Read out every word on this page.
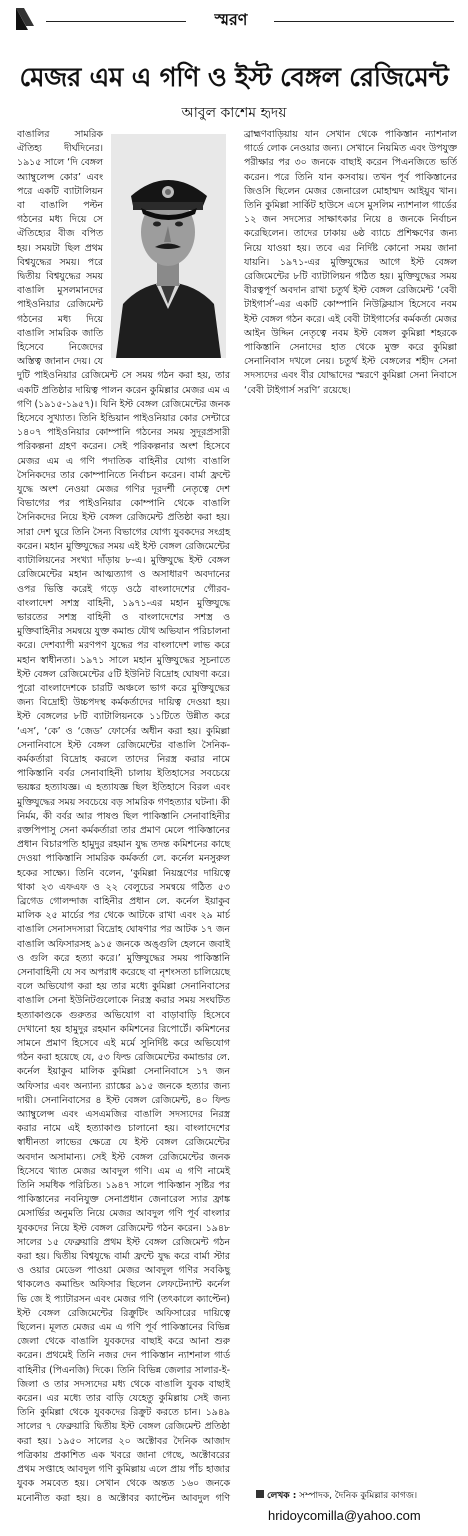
স্মরণ
মেজর এম এ গণি ও ইস্ট বেঙ্গল রেজিমেন্ট
আবুল কাশেম হৃদয়

বাঙালির সামরিক ঐতিহ্য দীর্ঘদিনের। ১৯১৫ সালে ‘দি বেঙ্গল অ্যাম্বুলেন্স কোর’ এবং পরে একটি ব্যাটালিয়ন বা বাঙালি পল্টন গঠনের মধ্য দিয়ে সে ঐতিহ্যের বীজ বপিত হয়। সময়টা ছিল প্রথম বিশ্বযুদ্ধের সময়। পরে দ্বিতীয় বিশ্বযুদ্ধের সময় বাঙালি মুসলমানদের পাইওনিয়ার রেজিমেন্ট গঠনের মধ্য দিয়ে বাঙালি সামরিক জাতি হিসেবে নিজেদের অস্তিত্ব জানান দেয়। যে দুটি পাইওনিয়ার রেজিমেন্ট সে সময় গঠন করা হয়, তার একটি প্রতিষ্ঠার দায়িত্ব পালন করেন কুমিল্লার মেজর এম এ গণি (১৯১৫-১৯৫৭)। যিনি ইস্ট বেঙ্গল রেজিমেন্টের জনক হিসেবে সুখ্যাত। তিনি ইন্ডিয়ান পাইওনিয়ার কোর সেন্টারে ১৪০৭ পাইওনিয়ার কোম্পানি গঠনের সময় সুদূরপ্রসারী পরিকল্পনা গ্রহণ করেন। সেই পরিকল্পনার অংশ হিসেবে মেজর এম এ গণি পদাতিক বাহিনীর যোগ্য বাঙালি সৈনিকদের তার কোম্পানিতে নির্বাচন করেন। বার্মা ফ্রন্টে যুদ্ধে অংশ নেওয়া মেজর গণির দূরদর্শী নেতৃত্বে দেশ বিভাগের পর পাইওনিয়ার কোম্পানি থেকে বাঙালি সৈনিকদের নিয়ে ইস্ট বেঙ্গল রেজিমেন্ট প্রতিষ্ঠা করা হয়। সারা দেশ ঘুরে তিনি সৈন্য বিভাগের যোগ্য যুবকদের সংগ্রহ করেন। মহান মুক্তিযুদ্ধের সময় এই ইস্ট বেঙ্গল রেজিমেন্টের ব্যাটালিয়নের সংখ্যা দাঁড়ায় ৮-এ। মুক্তিযুদ্ধে ইস্ট বেঙ্গল রেজিমেন্টের মহান আত্মত্যাগ ও অসাধারণ অবদানের ওপর ভিত্তি করেই গড়ে ওঠে বাংলাদেশের গৌরব- বাংলাদেশ সশস্ত্র বাহিনী, ১৯৭১-এর মহান মুক্তিযুদ্ধে ভারতের সশস্ত্র বাহিনী ও বাংলাদেশের সশস্ত্র ও মুক্তিবাহিনীর সমন্বয়ে যুক্ত কমান্ড যৌথ অভিযান পরিচালনা করে। দেশব্যাপী মরণপণ যুদ্ধের পর বাংলাদেশ লাভ করে মহান স্বাধীনতা। ১৯৭১ সালে মহান মুক্তিযুদ্ধের সূচনাতে ইস্ট বেঙ্গল রেজিমেন্টের ৫টি ইউনিট বিদ্রোহ ঘোষণা করে। পুরো বাংলাদেশকে চারটি অঞ্চলে ভাগ করে মুক্তিযুদ্ধের জন্য বিদ্রোহী উচ্চপদস্থ কর্মকর্তাদের দায়িত্ব দেওয়া হয়। ইস্ট বেঙ্গলের ৮টি ব্যাটালিয়নকে ১১টিতে উন্নীত করে ‘এস’, ‘কে’ ও ‘জেড’ ফোর্সের অধীন করা হয়। কুমিল্লা সেনানিবাসে ইস্ট বেঙ্গল রেজিমেন্টের বাঙালি সৈনিক-কর্মকর্তারা বিদ্রোহ করলে তাদের নিরস্ত্র করার নামে পাকিস্তানি বর্বর সেনাবাহিনী চালায় ইতিহাসের সবচেয়ে ভয়ঙ্কর হত্যাযজ্ঞ। এ হত্যাযজ্ঞ ছিল ইতিহাসে বিরল এবং মুক্তিযুদ্ধের সময় সবচেয়ে বড় সামরিক গণহত্যার ঘটনা। কী নির্মম, কী বর্বর আর পাষণ্ড ছিল পাকিস্তানি সেনাবাহিনীর রক্তপিপাসু সেনা কর্মকর্তারা তার প্রমাণ মেলে পাকিস্তানের প্রধান বিচারপতি হামুদুর রহমান যুদ্ধ তদন্ত কমিশনের কাছে দেওয়া পাকিস্তানি সামরিক কর্মকর্তা লে. কর্নেল মনসুরুল হকের সাক্ষ্যে। তিনি বলেন, ‘কুমিল্লা নিয়ন্ত্রণের দায়িত্বে থাকা ২৩ এফএফ ও ২২ বেলুচের সমন্বয়ে গঠিত ৫৩ ব্রিগেড গোলন্দাজ বাহিনীর প্রধান লে. কর্নেল ইয়াকুব মালিক ২৫ মার্চের পর থেকে আটকে রাখা এবং ২৯ মার্চ বাঙালি সেনাসদস্যরা বিদ্রোহ ঘোষণার পর আটক ১৭ জন বাঙালি অফিসারসহ ৯১৫ জনকে অঙ্গুলি হেলনে জবাই ও গুলি করে হত্যা করে।’ মুক্তিযুদ্ধের সময় পাকিস্তানি সেনাবাহিনী যে সব অপরাধ করেছে বা নৃশংসতা চালিয়েছে বলে অভিযোগ করা হয় তার মধ্যে কুমিল্লা সেনানিবাসের বাঙালি সেনা ইউনিটগুলোকে নিরস্ত্র করার সময় সংঘটিত হত্যাকাণ্ডকে গুরুতর অভিযোগ বা বাড়াবাড়ি হিসেবে দেখানো হয় হামুদুর রহমান কমিশনের রিপোর্টে। কমিশনের সামনে প্রমাণ হিসেবে এই মর্মে সুনির্দিষ্ট করে অভিযোগ গঠন করা হয়েছে যে, ৫৩ ফিল্ড রেজিমেন্টের কমান্ডার লে. কর্নেল ইয়াকুব মালিক কুমিল্লা সেনানিবাসে ১৭ জন অফিসার এবং অন্যান্য র‍্যাঙ্কের ৯১৫ জনকে হত্যার জন্য দায়ী। সেনানিবাসের ৪ ইস্ট বেঙ্গল রেজিমেন্ট, ৪০ ফিল্ড অ্যাম্বুলেন্স এবং এসএমজির বাঙালি সদস্যদের নিরস্ত্র করার নামে এই হত্যাকাণ্ড চালানো হয়। বাংলাদেশের স্বাধীনতা লাভের ক্ষেত্রে যে ইস্ট বেঙ্গল রেজিমেন্টের অবদান অসামান্য। সেই ইস্ট বেঙ্গল রেজিমেন্টের জনক হিসেবে খ্যাত মেজর আবদুল গণি। এম এ গণি নামেই তিনি সমধিক পরিচিত। ১৯৪৭ সালে পাকিস্তান সৃষ্টির পর পাকিস্তানের নবনিযুক্ত সেনাপ্রধান জেনারেল স্যার ফ্রাঙ্ক মেসার্ভির অনুমতি নিয়ে মেজর আবদুল গণি পূর্ব বাংলার যুবকদের নিয়ে ইস্ট বেঙ্গল রেজিমেন্ট গঠন করেন। ১৯৪৮ সালের ১৫ ফেব্রুয়ারি প্রথম ইস্ট বেঙ্গল রেজিমেন্ট গঠন করা হয়। দ্বিতীয় বিশ্বযুদ্ধে বার্মা ফ্রন্টে যুদ্ধ করে বার্মা স্টার ও ওয়ার মেডেল পাওয়া মেজর আবদুল গণির সবকিছু থাকলেও কমান্ডিং অফিসার ছিলেন লেফটেন্যান্ট কর্নেল ভি জে ই প্যাটারসন এবং মেজর গণি (তৎকালে ক্যাপ্টেন) ইস্ট বেঙ্গল রেজিমেন্টের রিক্রুটিং অফিসারের দায়িত্বে ছিলেন। মূলত মেজর এম এ গণি পূর্ব পাকিস্তানের বিভিন্ন জেলা থেকে বাঙালি যুবকদের বাছাই করে আনা শুরু করেন। প্রথমেই তিনি নজর দেন পাকিস্তান ন্যাশনাল গার্ড বাহিনীর (পিএনজি) দিকে। তিনি বিভিন্ন জেলার সালার-ই-জিলা ও তার সদস্যদের মধ্য থেকে বাঙালি যুবক বাছাই করেন। এর মধ্যে তার বাড়ি যেহেতু কুমিল্লায় সেই জন্য তিনি কুমিল্লা থেকে যুবকদের রিক্রুট করতে চান। ১৯৪৯ সালের ৭ ফেব্রুয়ারি দ্বিতীয় ইস্ট বেঙ্গল রেজিমেন্ট প্রতিষ্ঠা করা হয়। ১৯৫০ সালের ২০ অক্টোবর দৈনিক আজাদ পত্রিকায় প্রকাশিত এক খবরে জানা গেছে, অক্টোবরের প্রথম সপ্তাহে আবদুল গণি কুমিল্লায় এলে প্রায় পাঁচ হাজার যুবক সমবেত হয়। সেখান থেকে অন্তত ১৬০ জনকে মনোনীত করা হয়। ৪ অক্টোবর ক্যাপ্টেন আবদুল গণি ব্রাহ্মণবাড়িয়ায় যান সেখান থেকে পাকিস্তান ন্যাশনাল গার্ডে লোক নেওয়ার জন্য। সেখানে নিয়মিত এবং উপযুক্ত পরীক্ষার পর ৩০ জনকে বাছাই করেন পিএনজিতে ভর্তি করেন। পরে তিনি যান কসবায়। তখন পূর্ব পাকিস্তানের জিওসি ছিলেন মেজর জেনারেল মোহাম্মদ আইয়ুব খান। তিনি কুমিল্লা সার্কিট হাউসে এসে মুসলিম ন্যাশনাল গার্ডের ১২ জন সদস্যের সাক্ষাৎকার নিয়ে ৪ জনকে নির্বাচন করেছিলেন। তাদের ঢাকায় ৬ষ্ঠ ব্যাচে প্রশিক্ষণের জন্য নিয়ে যাওয়া হয়। তবে এর নির্দিষ্ট কোনো সময় জানা যায়নি। ১৯৭১-এর মুক্তিযুদ্ধের আগে ইস্ট বেঙ্গল রেজিমেন্টের ৮টি ব্যাটালিয়ন গঠিত হয়। মুক্তিযুদ্ধের সময় বীরত্বপূর্ণ অবদান রাখা চতুর্থ ইস্ট বেঙ্গল রেজিমেন্ট ‘বেবী টাইগার্স’-এর একটি কোম্পানি নিউক্লিয়াস হিসেবে নবম ইস্ট বেঙ্গল গঠন করে। এই বেবী টাইগার্সের কর্মকর্তা মেজর আইন উদ্দিন নেতৃত্বে নবম ইস্ট বেঙ্গল কুমিল্লা শহরকে পাকিস্তানি সেনাদের হাত থেকে মুক্ত করে কুমিল্লা সেনানিবাস দখলে নেয়। চতুর্থ ইস্ট বেঙ্গলের শহীদ সেনা সদস্যদের এবং বীর যোদ্ধাদের স্মরণে কুমিল্লা সেনা নিবাসে ‘বেবী টাইগার্স সরণি’ রয়েছে।

লেখক : সম্পাদক, দৈনিক কুমিল্লার কাগজ।
hridoycomilla@yahoo.com
